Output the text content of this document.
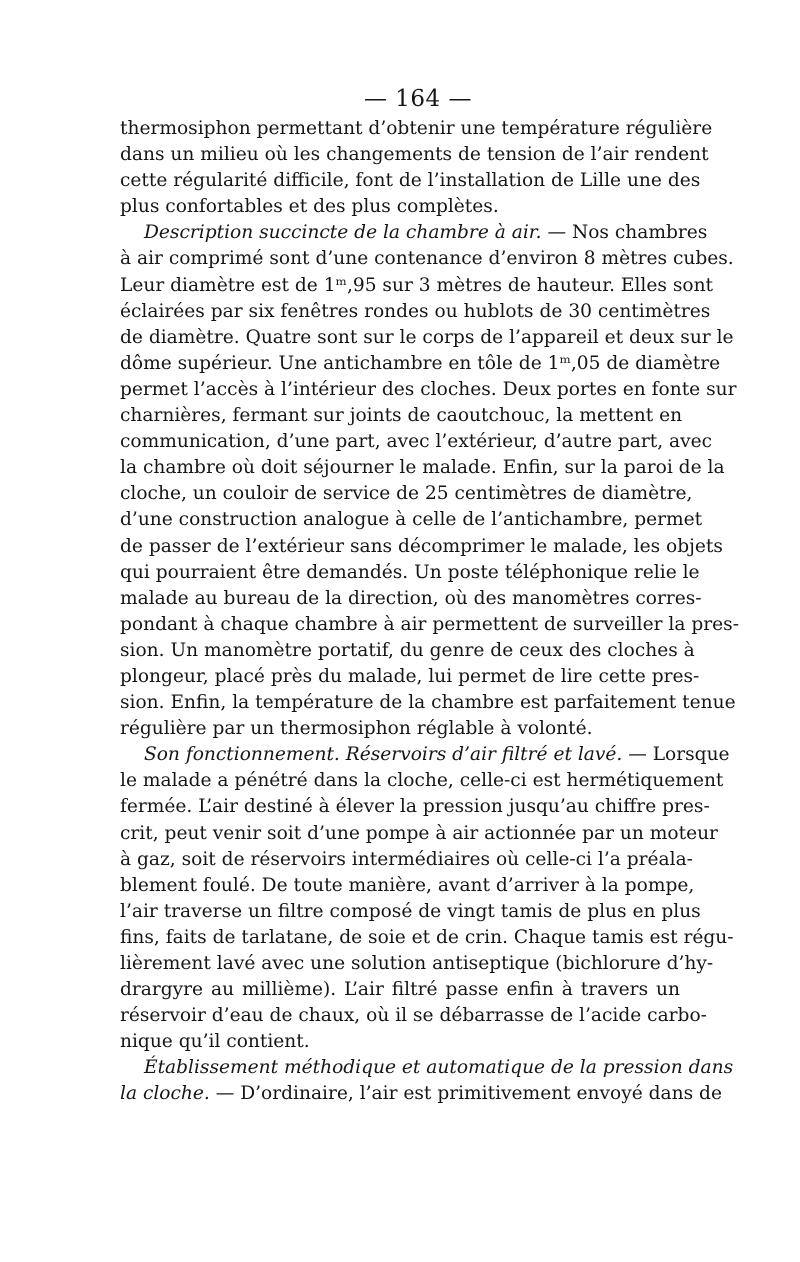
— 164 —
thermosiphon permettant d’obtenir une température régulière
dans un milieu où les changements de tension de l’air rendent
cette régularité difficile, font de l’installation de Lille une des
plus confortables et des plus complètes.
Description succincte de la chambre à air. — Nos chambres
à air comprimé sont d’une contenance d’environ 8 mètres cubes.
Leur diamètre est de 1ᵐ,95 sur 3 mètres de hauteur. Elles sont
éclairées par six fenêtres rondes ou hublots de 30 centimètres
de diamètre. Quatre sont sur le corps de l’appareil et deux sur le
dôme supérieur. Une antichambre en tôle de 1ᵐ,05 de diamètre
permet l’accès à l’intérieur des cloches. Deux portes en fonte sur
charnières, fermant sur joints de caoutchouc, la mettent en
communication, d’une part, avec l’extérieur, d’autre part, avec
la chambre où doit séjourner le malade. Enfin, sur la paroi de la
cloche, un couloir de service de 25 centimètres de diamètre,
d’une construction analogue à celle de l’antichambre, permet
de passer de l’extérieur sans décomprimer le malade, les objets
qui pourraient être demandés. Un poste téléphonique relie le
malade au bureau de la direction, où des manomètres corres-
pondant à chaque chambre à air permettent de surveiller la pres-
sion. Un manomètre portatif, du genre de ceux des cloches à
plongeur, placé près du malade, lui permet de lire cette pres-
sion. Enfin, la température de la chambre est parfaitement tenue
régulière par un thermosiphon réglable à volonté.
Son fonctionnement. Réservoirs d’air filtré et lavé. — Lorsque
le malade a pénétré dans la cloche, celle-ci est hermétiquement
fermée. L’air destiné à élever la pression jusqu’au chiffre pres-
crit, peut venir soit d’une pompe à air actionnée par un moteur
à gaz, soit de réservoirs intermédiaires où celle-ci l’a préala-
blement foulé. De toute manière, avant d’arriver à la pompe,
l’air traverse un filtre composé de vingt tamis de plus en plus
fins, faits de tarlatane, de soie et de crin. Chaque tamis est régu-
lièrement lavé avec une solution antiseptique (bichlorure d’hy-
drargyre au millième). L’air filtré passe enfin à travers un
réservoir d’eau de chaux, où il se débarrasse de l’acide carbo-
nique qu’il contient.
Établissement méthodique et automatique de la pression dans
la cloche. — D’ordinaire, l’air est primitivement envoyé dans de
